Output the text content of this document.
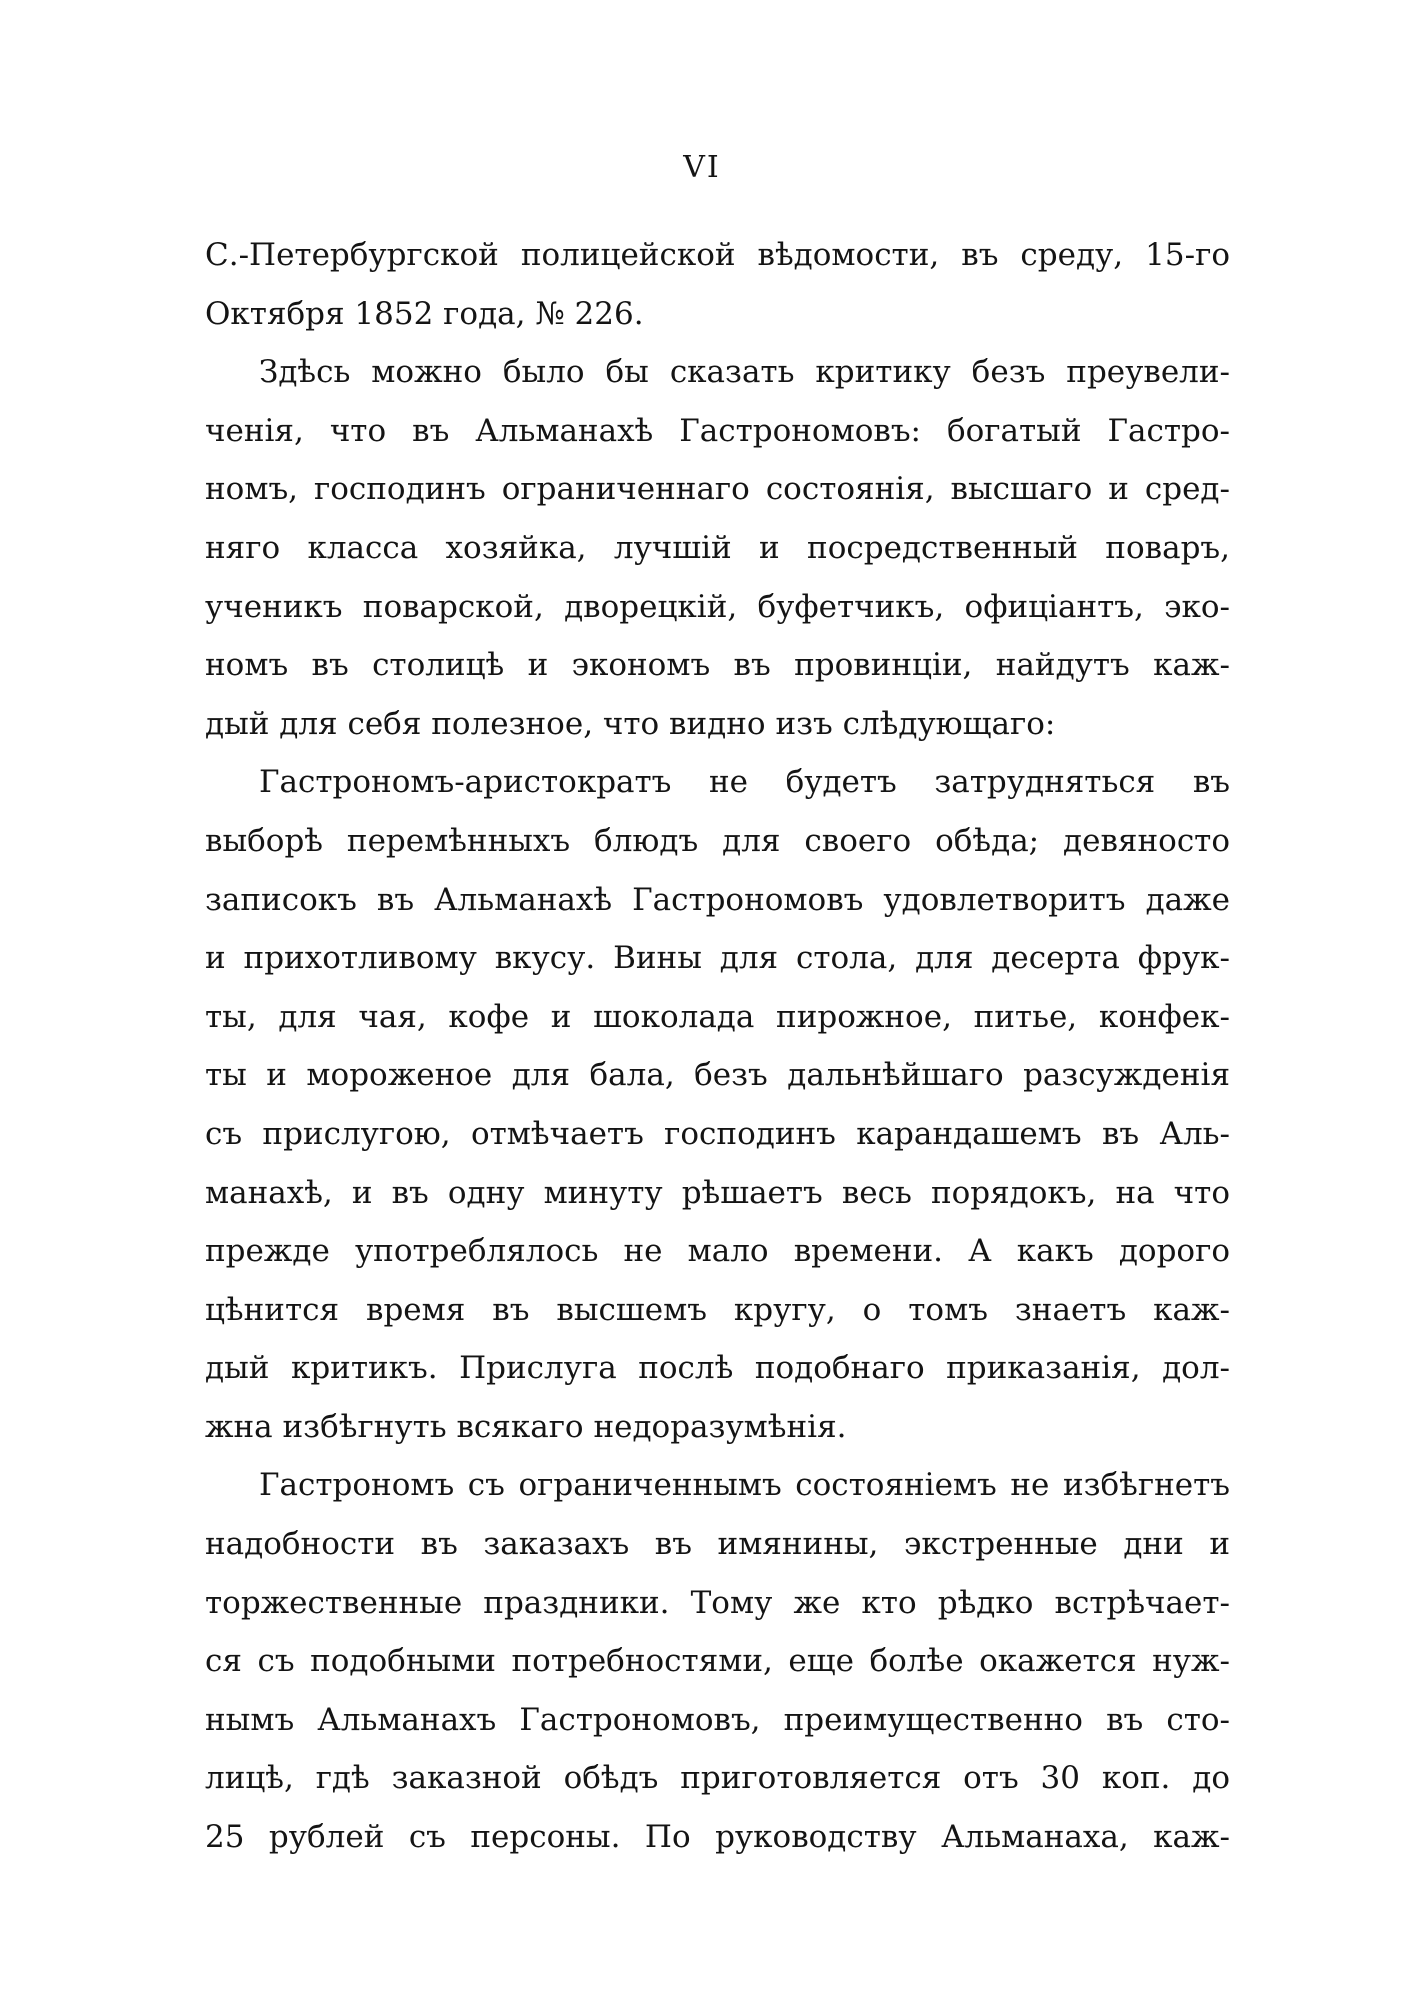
VI
С.-Петербургской полицейской вѣдомости, въ среду, 15-го
Октября 1852 года, № 226.
Здѣсь можно было бы сказать критику безъ преувели-
ченія, что въ Альманахѣ Гастрономовъ: богатый Гастро-
номъ, господинъ ограниченнаго состоянія, высшаго и сред-
няго класса хозяйка, лучшій и посредственный поваръ,
ученикъ поварской, дворецкій, буфетчикъ, офиціантъ, эко-
номъ въ столицѣ и экономъ въ провинціи, найдутъ каж-
дый для себя полезное, что видно изъ слѣдующаго:
Гастрономъ-аристократъ не будетъ затрудняться въ
выборѣ перемѣнныхъ блюдъ для своего обѣда; девяносто
записокъ въ Альманахѣ Гастрономовъ удовлетворитъ даже
и прихотливому вкусу. Вины для стола, для десерта фрук-
ты, для чая, кофе и шоколада пирожное, питье, конфек-
ты и мороженое для бала, безъ дальнѣйшаго разсужденія
съ прислугою, отмѣчаетъ господинъ карандашемъ въ Аль-
манахѣ, и въ одну минуту рѣшаетъ весь порядокъ, на что
прежде употреблялось не мало времени. А какъ дорого
цѣнится время въ высшемъ кругу, о томъ знаетъ каж-
дый критикъ. Прислуга послѣ подобнаго приказанія, дол-
жна избѣгнуть всякаго недоразумѣнія.
Гастрономъ съ ограниченнымъ состояніемъ не избѣгнетъ
надобности въ заказахъ въ имянины, экстренные дни и
торжественные праздники. Тому же кто рѣдко встрѣчает-
ся съ подобными потребностями, еще болѣе окажется нуж-
нымъ Альманахъ Гастрономовъ, преимущественно въ сто-
лицѣ, гдѣ заказной обѣдъ приготовляется отъ 30 коп. до
25 рублей съ персоны. По руководству Альманаха, каж-
